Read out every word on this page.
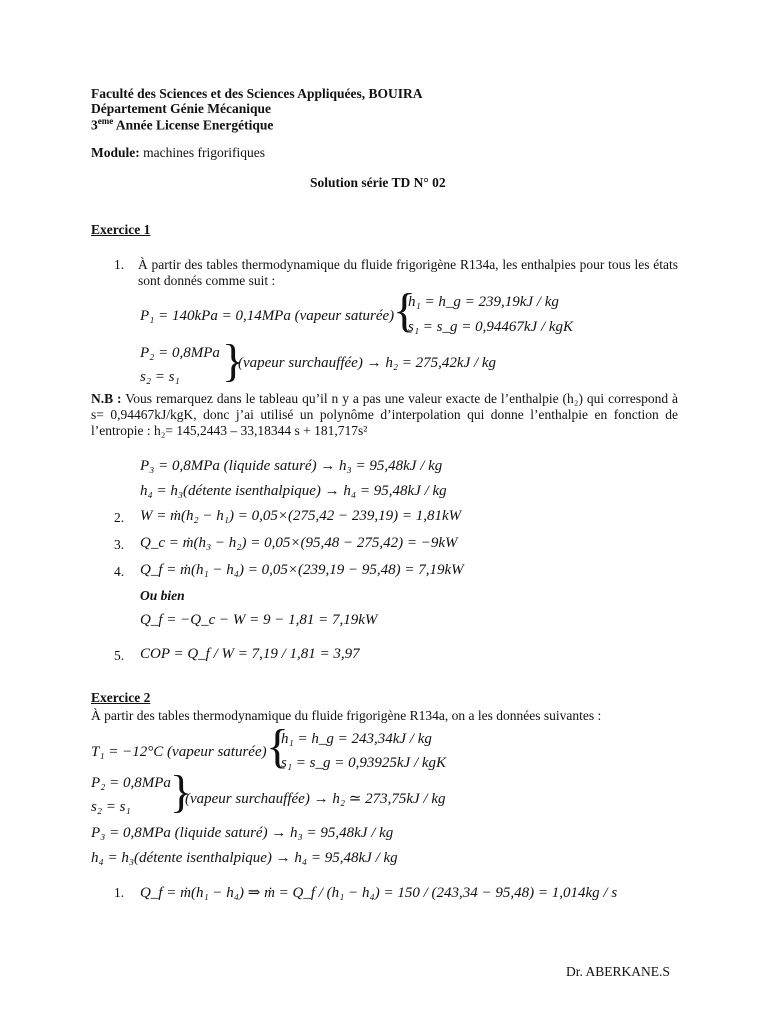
Faculté des Sciences et des Sciences Appliquées, BOUIRA
Département Génie Mécanique
3eme Année License Energétique
Module: machines frigorifiques
Solution série TD N° 02
Exercice 1
1. À partir des tables thermodynamique du fluide frigorigène R134a, les enthalpies pour tous les états sont donnés comme suit :
P₁ = 140kPa = 0,14MPa (vapeur saturée)
{
h₁ = h_g = 239,19kJ / kg
s₁ = s_g = 0,94467kJ / kgK
P₂ = 0,8MPa
s₂ = s₁ }
(vapeur surchauffée) → h₂ = 275,42kJ / kg
N.B : Vous remarquez dans le tableau qu’il n y a pas une valeur exacte de l’enthalpie (h₂) qui correspond à s= 0,94467kJ/kgK, donc j’ai utilisé un polynôme d’interpolation qui donne l’enthalpie en fonction de l’entropie : h₂= 145,2443 – 33,18344 s + 181,717s²
P₃ = 0,8MPa (liquide saturé) → h₃ = 95,48kJ / kg
h₄ = h₃(détente isenthalpique) → h₄ = 95,48kJ / kg
2. W = ṁ(h₂ − h₁) = 0,05×(275,42 − 239,19) = 1,81kW
3. Q_c = ṁ(h₃ − h₂) = 0,05×(95,48 − 275,42) = −9kW
4. Q_f = ṁ(h₁ − h₄) = 0,05×(239,19 − 95,48) = 7,19kW
Ou bien
Q_f = −Q_c − W = 9 − 1,81 = 7,19kW
5. COP = Q_f / W = 7,19 / 1,81 = 3,97
Exercice 2
À partir des tables thermodynamique du fluide frigorigène R134a, on a les données suivantes :
T₁ = −12°C (vapeur saturée) {
h₁ = h_g = 243,34kJ / kg
s₁ = s_g = 0,93925kJ / kgK
P₂ = 0,8MPa
s₂ = s₁ }
(vapeur surchauffée) → h₂ ≃ 273,75kJ / kg
P₃ = 0,8MPa (liquide saturé) → h₃ = 95,48kJ / kg
h₄ = h₃(détente isenthalpique) → h₄ = 95,48kJ / kg
1. Q_f = ṁ(h₁ − h₄) ⇒ ṁ = Q_f / (h₁ − h₄) = 150 / (243,34 − 95,48) = 1,014kg / s
Dr. ABERKANE.S
